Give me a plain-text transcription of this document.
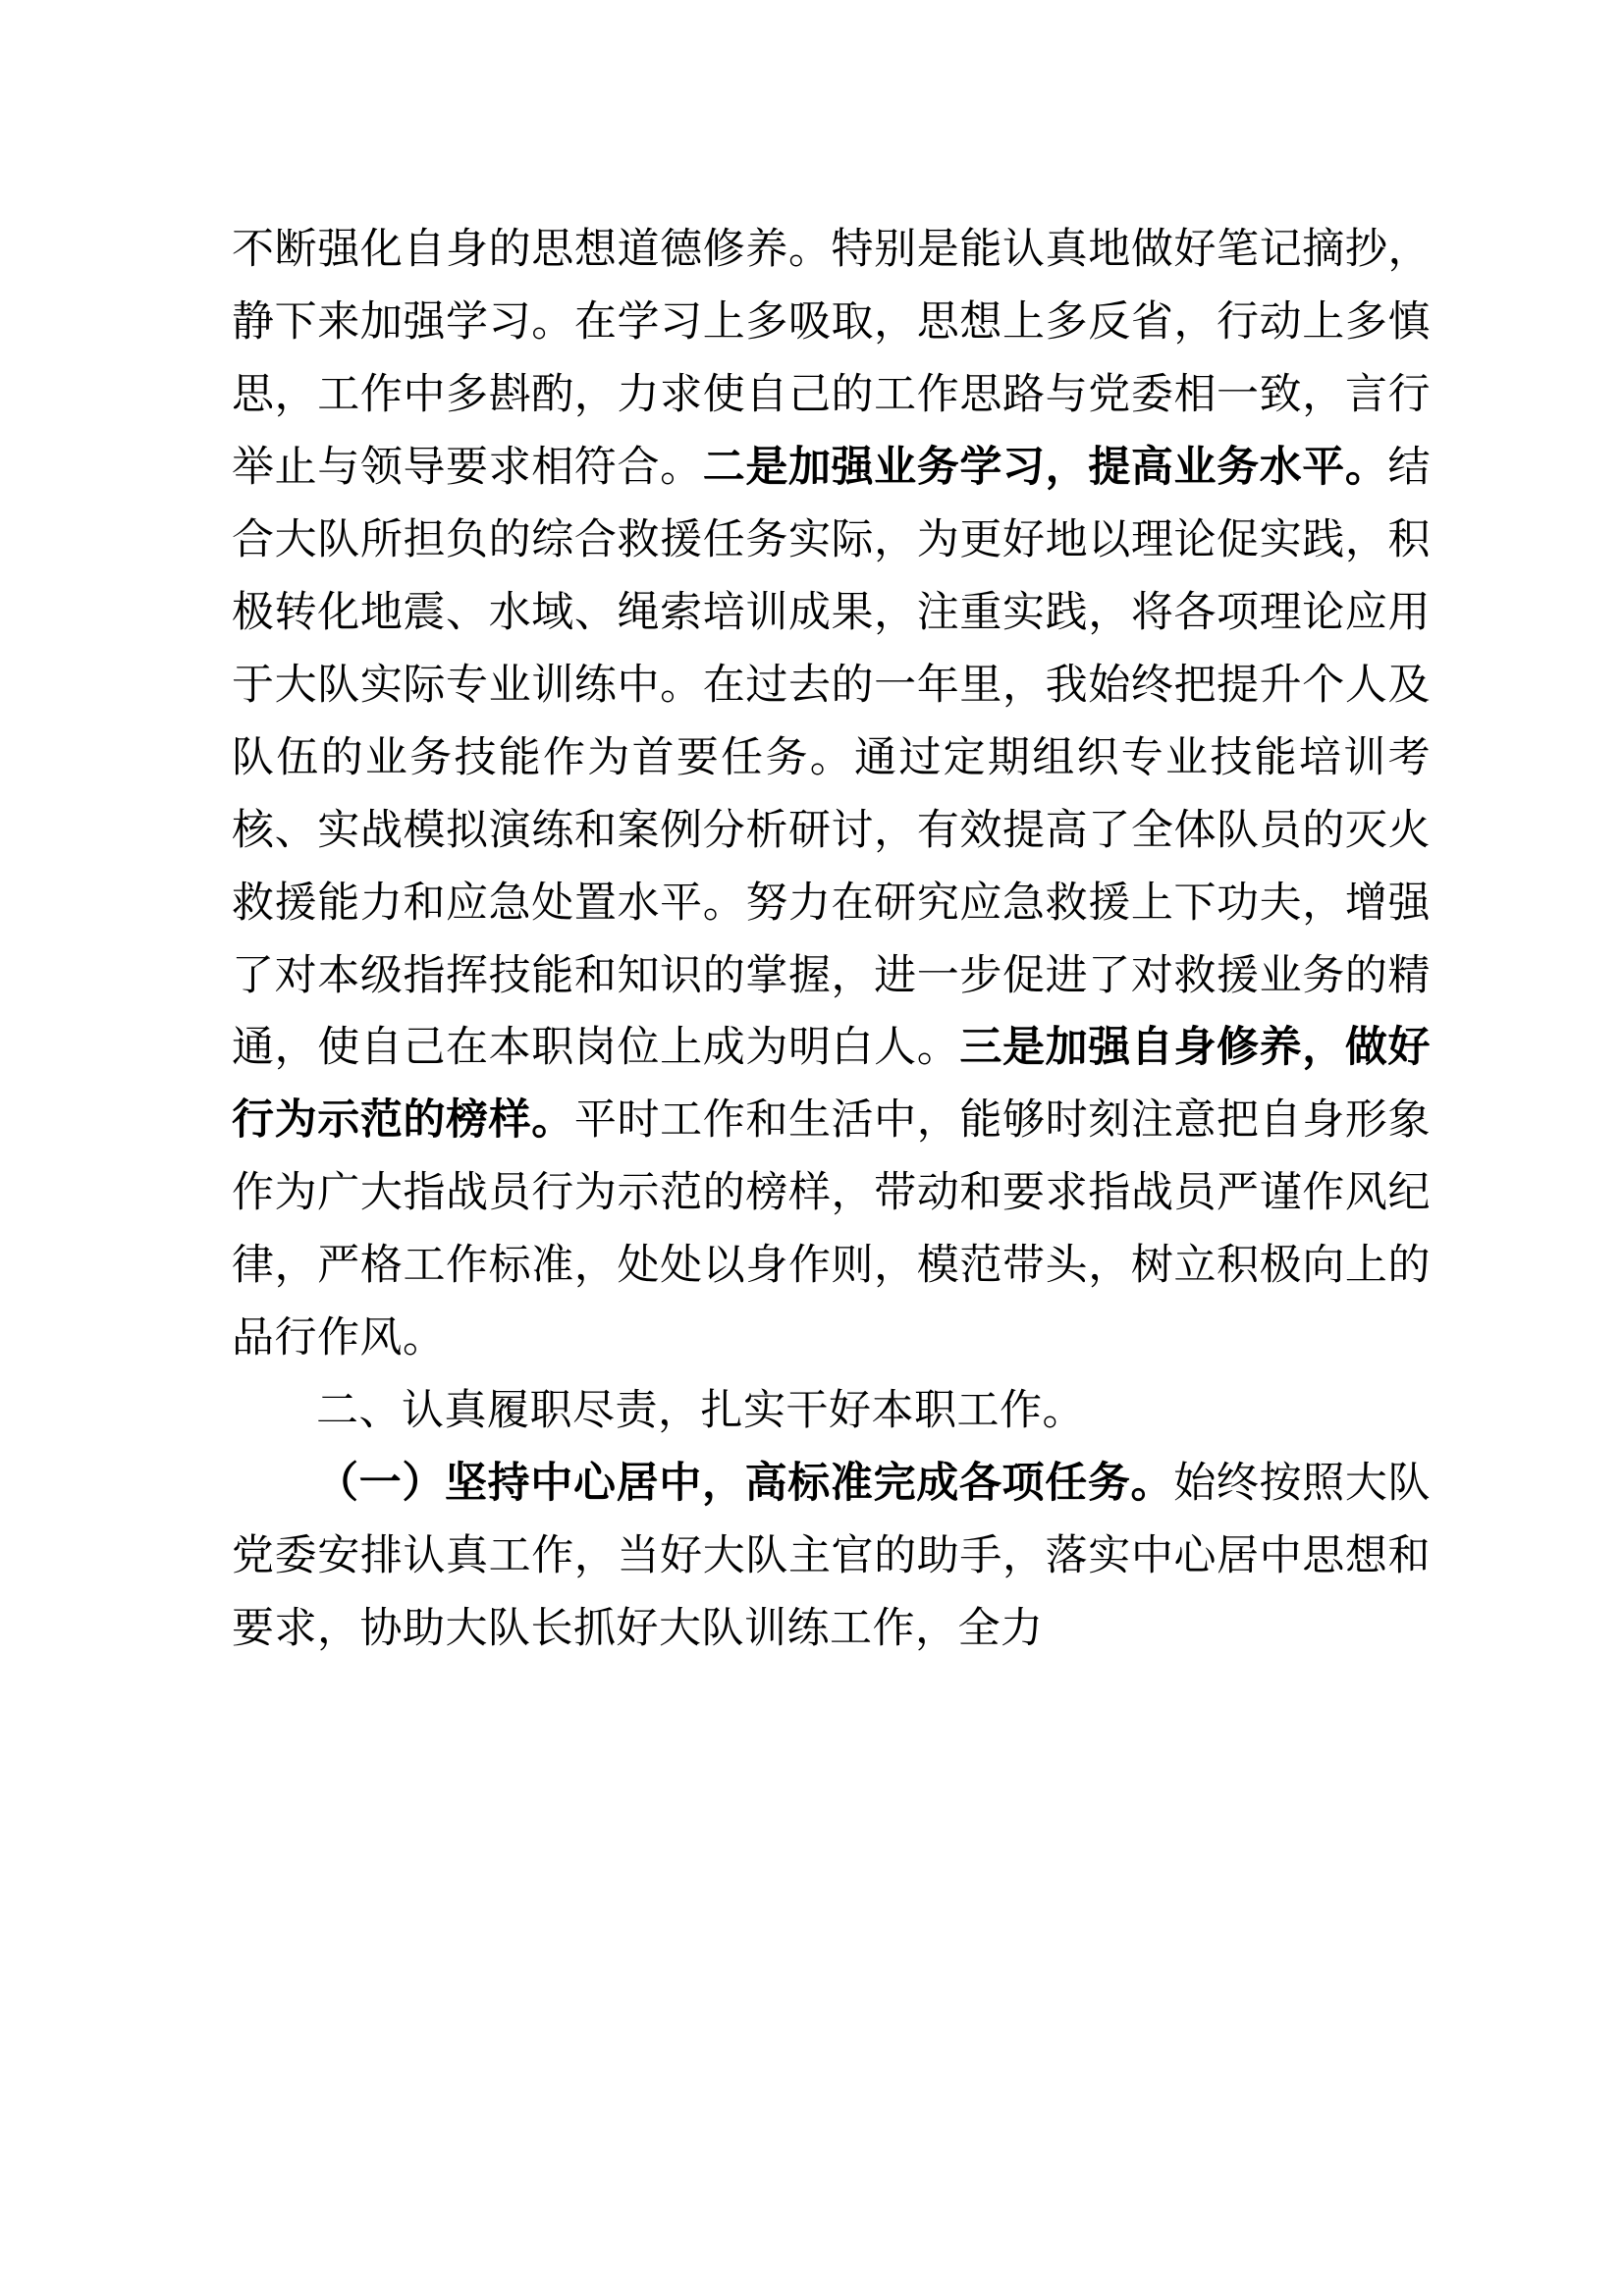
不断强化自身的思想道德修养。特别是能认真地做好笔记摘抄，静下来加强学习。在学习上多吸取，思想上多反省，行动上多慎思，工作中多斟酌，力求使自己的工作思路与党委相一致，言行举止与领导要求相符合。二是加强业务学习，提高业务水平。结合大队所担负的综合救援任务实际，为更好地以理论促实践，积极转化地震、水域、绳索培训成果，注重实践，将各项理论应用于大队实际专业训练中。在过去的一年里，我始终把提升个人及队伍的业务技能作为首要任务。通过定期组织专业技能培训考核、实战模拟演练和案例分析研讨，有效提高了全体队员的灭火救援能力和应急处置水平。努力在研究应急救援上下功夫，增强了对本级指挥技能和知识的掌握，进一步促进了对救援业务的精通，使自己在本职岗位上成为明白人。三是加强自身修养，做好行为示范的榜样。平时工作和生活中，能够时刻注意把自身形象作为广大指战员行为示范的榜样，带动和要求指战员严谨作风纪律，严格工作标准，处处以身作则，模范带头，树立积极向上的品行作风。

二、认真履职尽责，扎实干好本职工作。

（一）坚持中心居中，高标准完成各项任务。始终按照大队党委安排认真工作，当好大队主官的助手，落实中心居中思想和要求，协助大队长抓好大队训练工作，全力
